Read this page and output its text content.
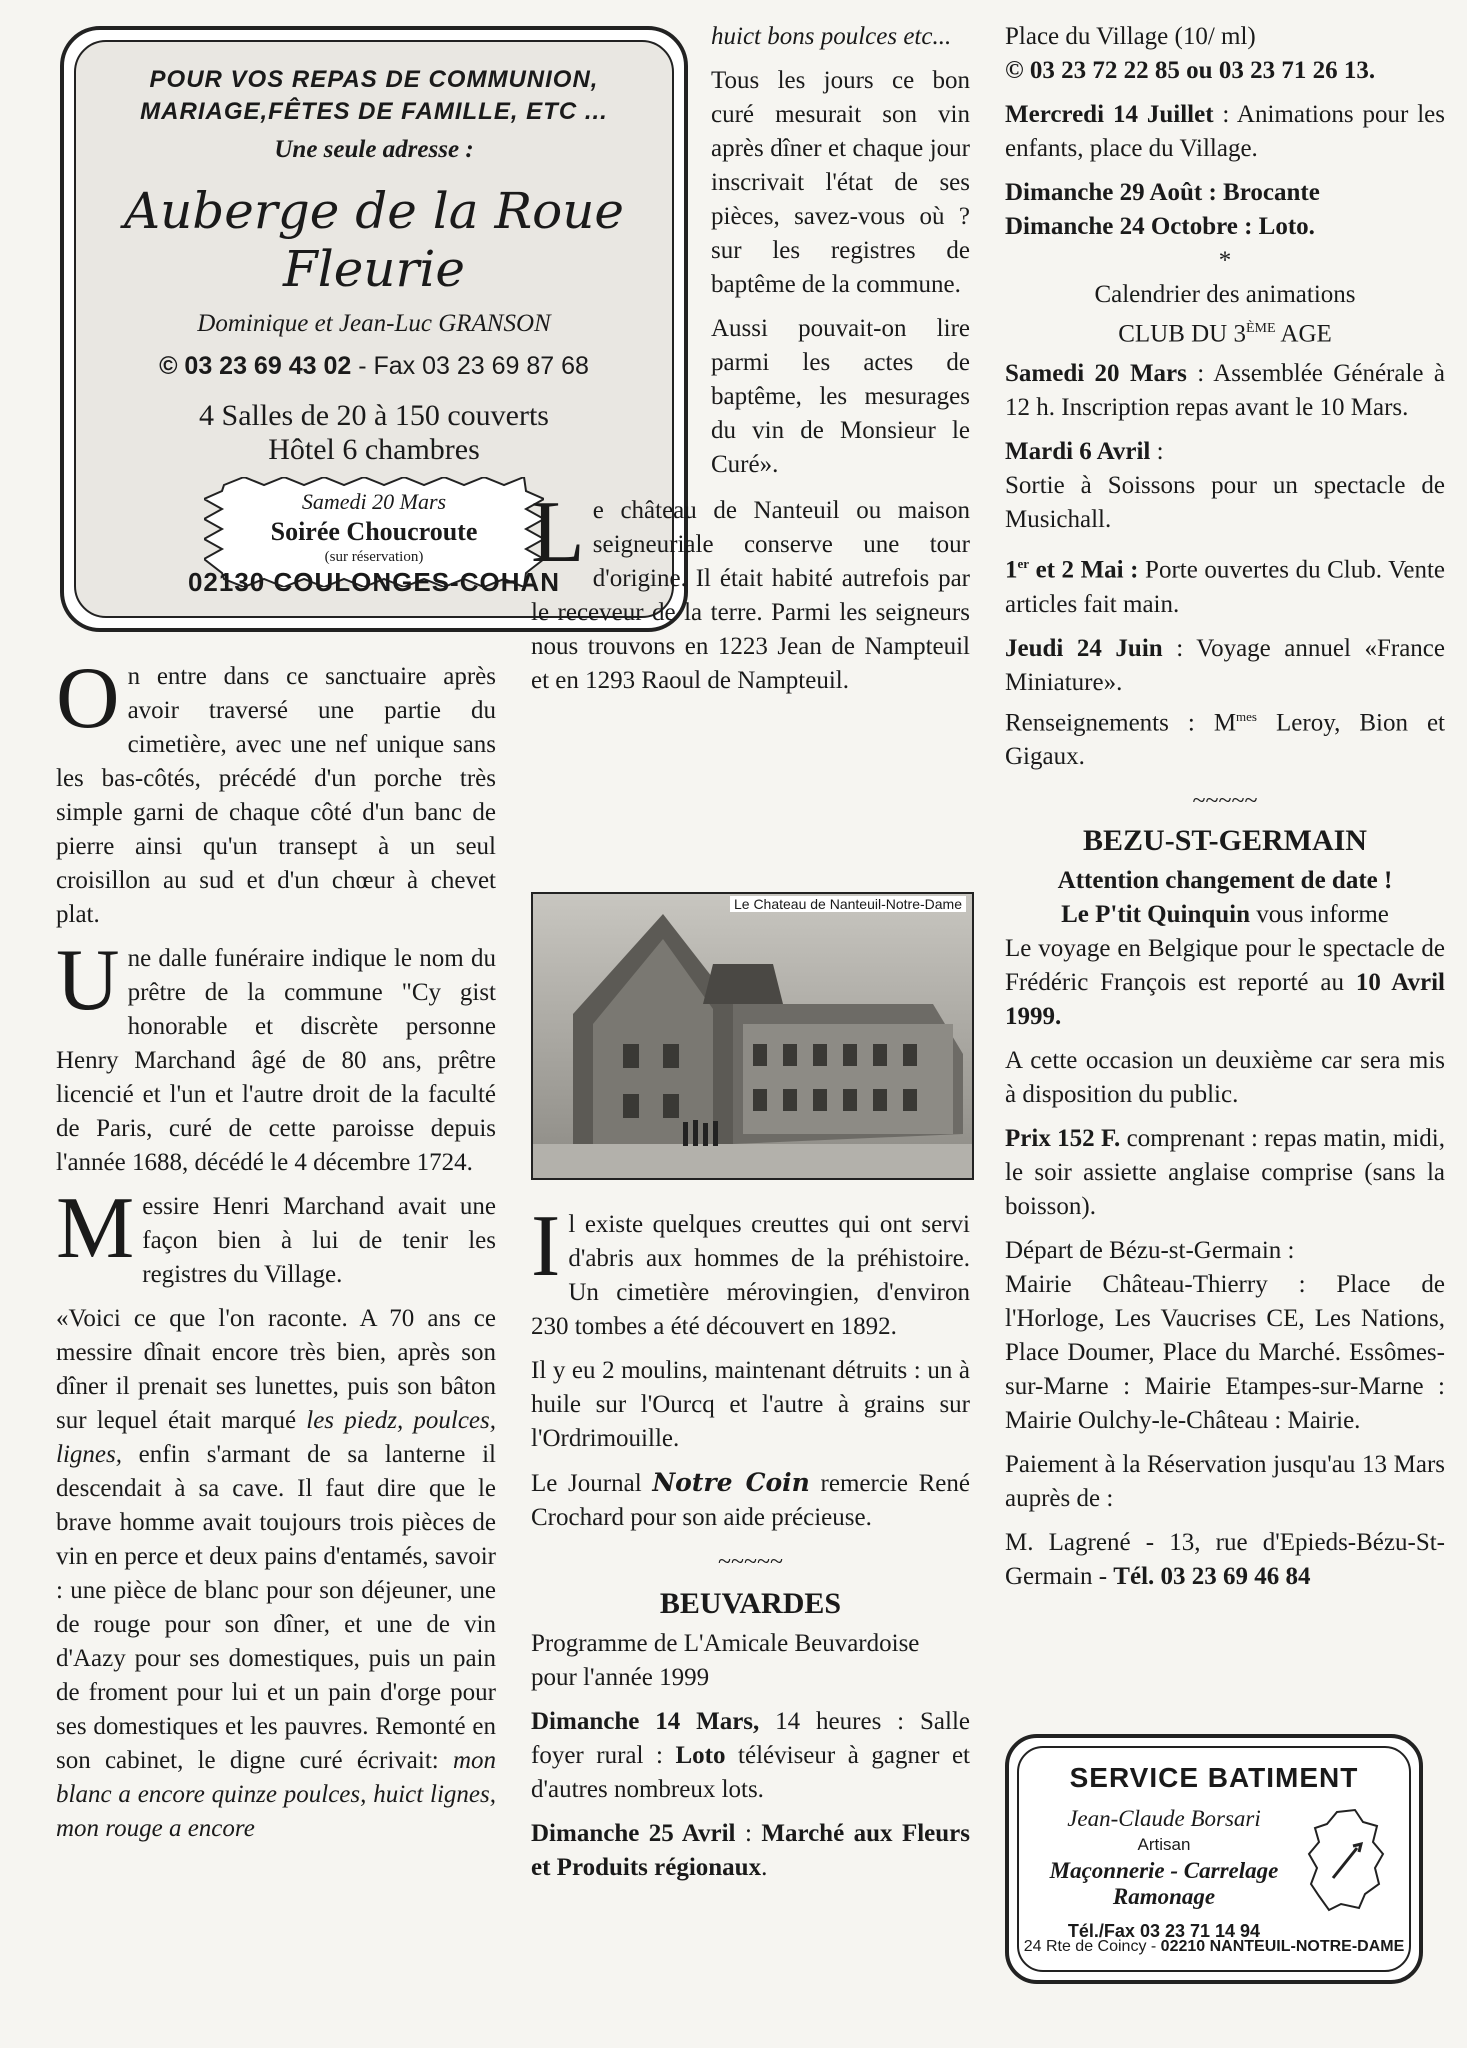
POUR VOS REPAS DE COMMUNION,
MARIAGE,FÊTES DE FAMILLE, ETC ...
Une seule adresse :
Auberge de la Roue Fleurie
Dominique et Jean-Luc GRANSON
© 03 23 69 43 02 - Fax 03 23 69 87 68
4 Salles de 20 à 150 couverts
Hôtel 6 chambres
Samedi 20 Mars
Soirée Choucroute
(sur réservation)
02130 COULONGES-COHAN

On entre dans ce sanctuaire après avoir traversé une partie du cimetière, avec une nef unique sans les bas-côtés, précédé d'un porche très simple garni de chaque côté d'un banc de pierre ainsi qu'un transept à un seul croisillon au sud et d'un chœur à chevet plat.

Une dalle funéraire indique le nom du prêtre de la commune "Cy gist honorable et discrète personne Henry Marchand âgé de 80 ans, prêtre licencié et l'un et l'autre droit de la faculté de Paris, curé de cette paroisse depuis l'année 1688, décédé le 4 décembre 1724.

Messire Henri Marchand avait une façon bien à lui de tenir les registres du Village.

«Voici ce que l'on raconte. A 70 ans ce messire dînait encore très bien, après son dîner il prenait ses lunettes, puis son bâton sur lequel était marqué les piedz, poulces, lignes, enfin s'armant de sa lanterne il descendait à sa cave. Il faut dire que le brave homme avait toujours trois pièces de vin en perce et deux pains d'entamés, savoir : une pièce de blanc pour son déjeuner, une de rouge pour son dîner, et une de vin d'Aazy pour ses domestiques, puis un pain de froment pour lui et un pain d'orge pour ses domestiques et les pauvres. Remonté en son cabinet, le digne curé écrivait: mon blanc a encore quinze poulces, huict lignes, mon rouge a encore

huict bons poulces etc...

Tous les jours ce bon curé mesurait son vin après dîner et chaque jour inscrivait l'état de ses pièces, savez-vous où ? sur les registres de baptême de la commune.

Aussi pouvait-on lire parmi les actes de baptême, les mesurages du vin de Monsieur le Curé».

Le château de Nanteuil ou maison seigneuriale conserve une tour d'origine. Il était habité autrefois par le receveur de la terre. Parmi les seigneurs nous trouvons en 1223 Jean de Nampteuil et en 1293 Raoul de Nampteuil.

Le Chateau de Nanteuil-Notre-Dame

Il existe quelques creuttes qui ont servi d'abris aux hommes de la préhistoire. Un cimetière mérovingien, d'environ 230 tombes a été découvert en 1892.

Il y eu 2 moulins, maintenant détruits : un à huile sur l'Ourcq et l'autre à grains sur l'Ordrimouille.

Le Journal Notre Coin remercie René Crochard pour son aide précieuse.

~~~~~
BEUVARDES

Programme de L'Amicale Beuvardoise pour l'année 1999

Dimanche 14 Mars, 14 heures : Salle foyer rural : Loto téléviseur à gagner et d'autres nombreux lots.

Dimanche 25 Avril : Marché aux Fleurs et Produits régionaux.

Place du Village (10/ ml)

© 03 23 72 22 85 ou 03 23 71 26 13.

Mercredi 14 Juillet : Animations pour les enfants, place du Village.

Dimanche 29 Août : Brocante
Dimanche 24 Octobre : Loto.
*
Calendrier des animations
CLUB DU 3ÈME AGE

Samedi 20 Mars : Assemblée Générale à 12 h. Inscription repas avant le 10 Mars.

Mardi 6 Avril :

Sortie à Soissons pour un spectacle de Musichall.

1er et 2 Mai : Porte ouvertes du Club. Vente articles fait main.

Jeudi 24 Juin : Voyage annuel «France Miniature».

Renseignements : $M^{mes}$ Leroy, Bion et Gigaux.

~~~~~
BEZU-ST-GERMAIN
Attention changement de date !
Le P'tit Quinquin vous informe

Le voyage en Belgique pour le spectacle de Frédéric François est reporté au 10 Avril 1999.

A cette occasion un deuxième car sera mis à disposition du public.

Prix 152 F. comprenant : repas matin, midi, le soir assiette anglaise comprise (sans la boisson).

Départ de Bézu-st-Germain :

Mairie Château-Thierry : Place de l'Horloge, Les Vaucrises CE, Les Nations, Place Doumer, Place du Marché. Essômes-sur-Marne : Mairie Etampes-sur-Marne : Mairie Oulchy-le-Château : Mairie.

Paiement à la Réservation jusqu'au 13 Mars auprès de :

M. Lagrené - 13, rue d'Epieds-Bézu-St-Germain - Tél. 03 23 69 46 84

SERVICE BATIMENT
Jean-Claude Borsari
Artisan
Maçonnerie - Carrelage
Ramonage
Tél./Fax 03 23 71 14 94
24 Rte de Coincy - 02210 NANTEUIL-NOTRE-DAME
